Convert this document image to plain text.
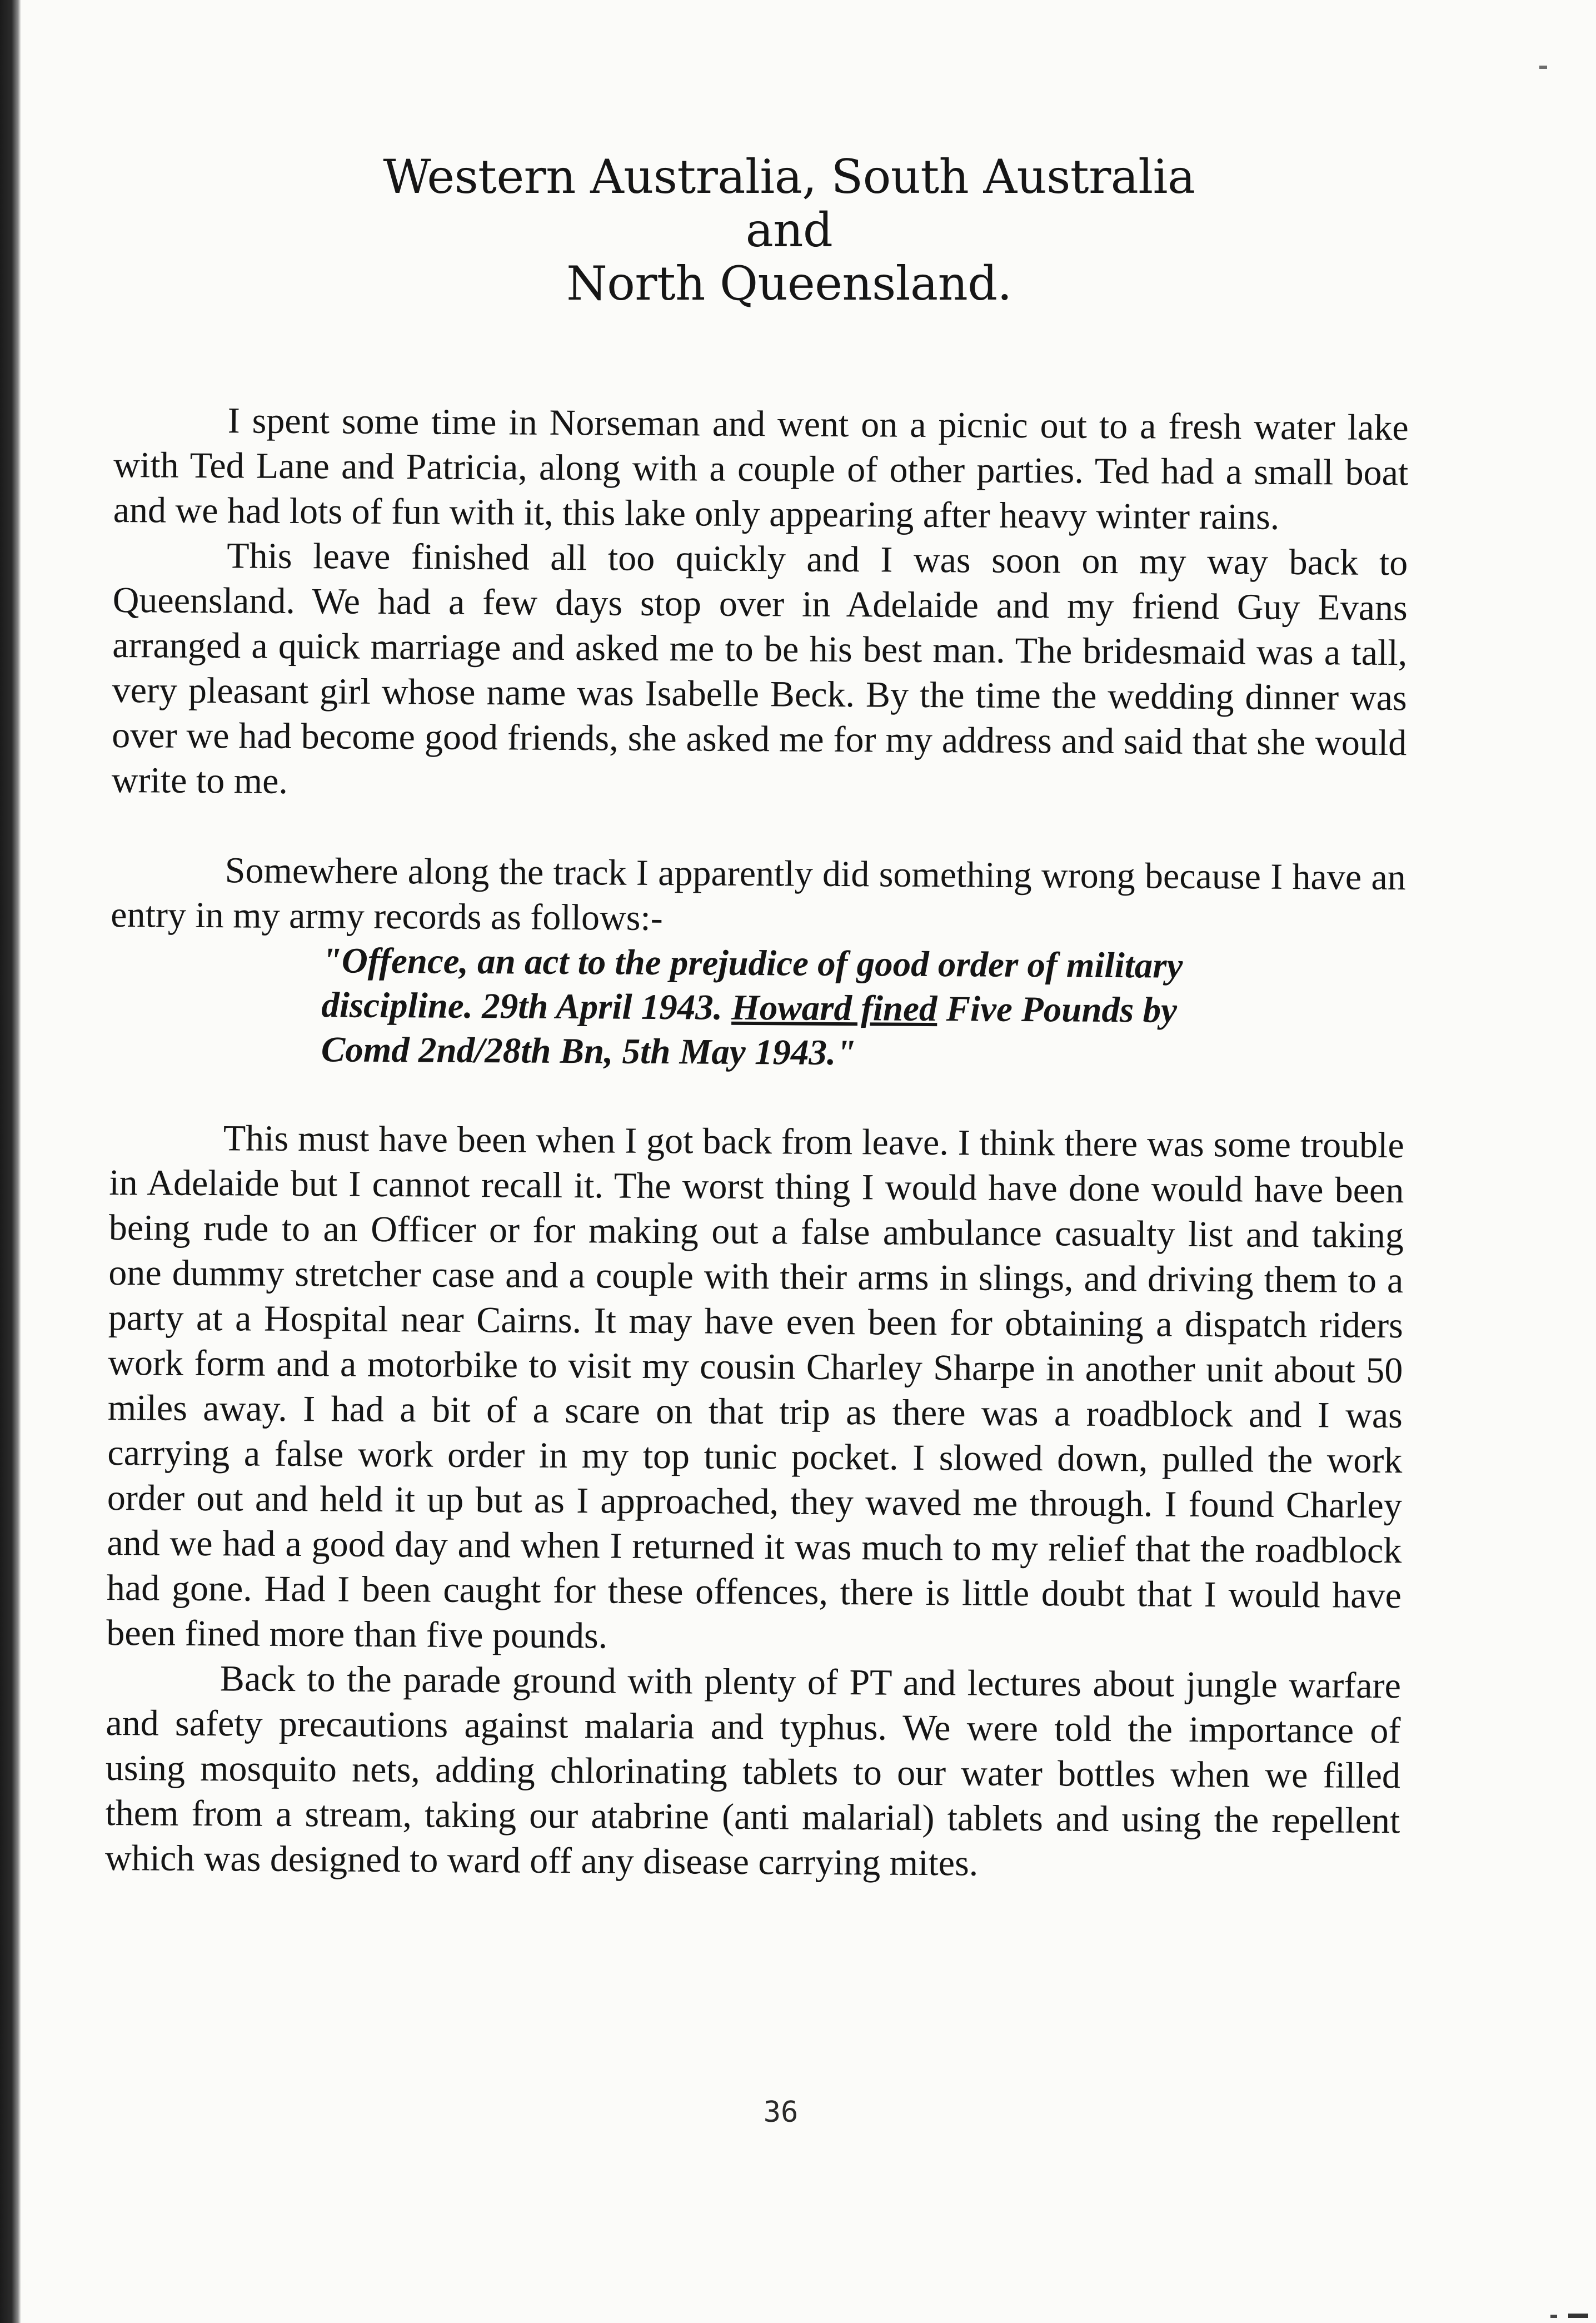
Western Australia, South Australia
and
North Queensland.

I spent some time in Norseman and went on a picnic out to a fresh water lake with Ted Lane and Patricia, along with a couple of other parties. Ted had a small boat and we had lots of fun with it, this lake only appearing after heavy winter rains.

This leave finished all too quickly and I was soon on my way back to Queensland. We had a few days stop over in Adelaide and my friend Guy Evans arranged a quick marriage and asked me to be his best man. The bridesmaid was a tall, very pleasant girl whose name was Isabelle Beck. By the time the wedding dinner was over we had become good friends, she asked me for my address and said that she would write to me.

Somewhere along the track I apparently did something wrong because I have an entry in my army records as follows:-

"Offence, an act to the prejudice of good order of military discipline. 29th April 1943. Howard fined Five Pounds by Comd 2nd/28th Bn, 5th May 1943."

This must have been when I got back from leave. I think there was some trouble in Adelaide but I cannot recall it. The worst thing I would have done would have been being rude to an Officer or for making out a false ambulance casualty list and taking one dummy stretcher case and a couple with their arms in slings, and driving them to a party at a Hospital near Cairns. It may have even been for obtaining a dispatch riders work form and a motorbike to visit my cousin Charley Sharpe in another unit about 50 miles away. I had a bit of a scare on that trip as there was a roadblock and I was carrying a false work order in my top tunic pocket. I slowed down, pulled the work order out and held it up but as I approached, they waved me through. I found Charley and we had a good day and when I returned it was much to my relief that the roadblock had gone. Had I been caught for these offences, there is little doubt that I would have been fined more than five pounds.

Back to the parade ground with plenty of PT and lectures about jungle warfare and safety precautions against malaria and typhus. We were told the importance of using mosquito nets, adding chlorinating tablets to our water bottles when we filled them from a stream, taking our atabrine (anti malarial) tablets and using the repellent which was designed to ward off any disease carrying mites.

36
